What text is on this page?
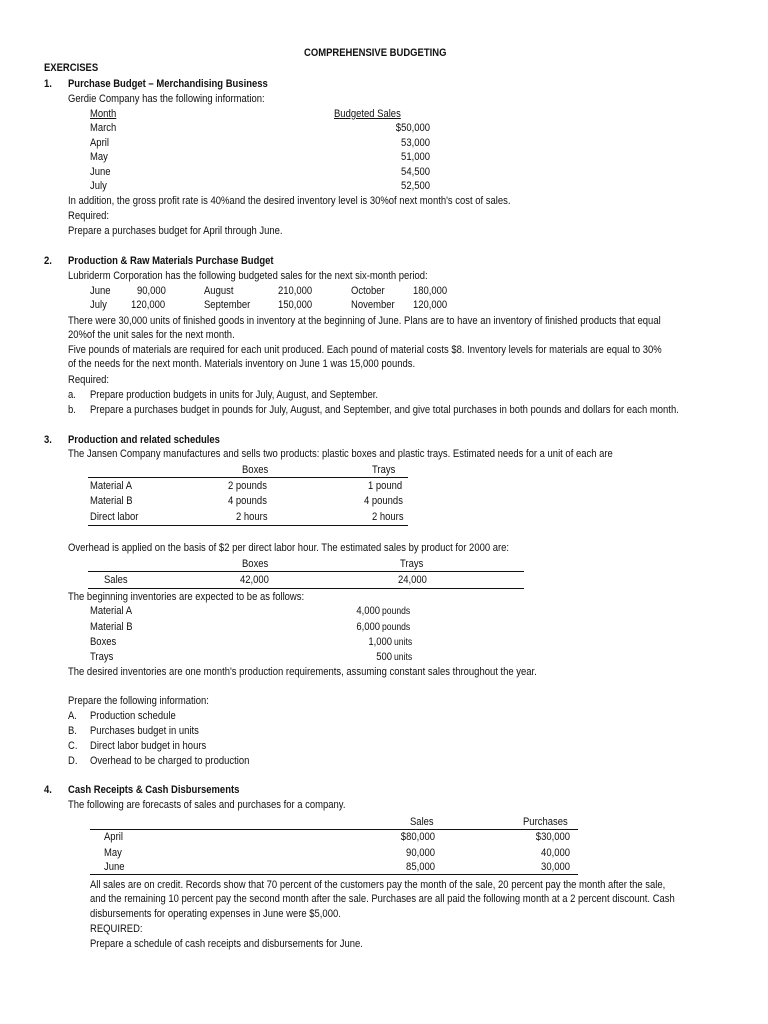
COMPREHENSIVE BUDGETING
EXERCISES
1. Purchase Budget – Merchandising Business
Gerdie Company has the following information:
Month	Budgeted Sales
March	$50,000
April	53,000
May	51,000
June	54,500
July	52,500
In addition, the gross profit rate is 40%and the desired inventory level is 30%of next month's cost of sales.
Required:
Prepare a purchases budget for April through June.
2. Production & Raw Materials Purchase Budget
Lubriderm Corporation has the following budgeted sales for the next six-month period:
June 90,000	August	210,000	October	180,000
July 120,000	September	150,000	November 120,000
There were 30,000 units of finished goods in inventory at the beginning of June. Plans are to have an inventory of finished products that equal
20%of the unit sales for the next month.
Five pounds of materials are required for each unit produced. Each pound of material costs $8. Inventory levels for materials are equal to 30%
of the needs for the next month. Materials inventory on June 1 was 15,000 pounds.
Required:
a. Prepare production budgets in units for July, August, and September.
b. Prepare a purchases budget in pounds for July, August, and September, and give total purchases in both pounds and dollars for each month.
3. Production and related schedules
The Jansen Company manufactures and sells two products: plastic boxes and plastic trays. Estimated needs for a unit of each are
Boxes	Trays
Material A	2 pounds	1 pound
Material B	4 pounds	4 pounds
Direct labor	2 hours	2 hours
Overhead is applied on the basis of $2 per direct labor hour. The estimated sales by product for 2000 are:
Boxes	Trays
Sales	42,000	24,000
The beginning inventories are expected to be as follows:
Material A	4,000 pounds
Material B	6,000 pounds
Boxes	1,000 units
Trays	500 units
The desired inventories are one month's production requirements, assuming constant sales throughout the year.
Prepare the following information:
A. Production schedule
B. Purchases budget in units
C. Direct labor budget in hours
D. Overhead to be charged to production
4. Cash Receipts & Cash Disbursements
The following are forecasts of sales and purchases for a company.
Sales	Purchases
April	$80,000	$30,000
May	90,000	40,000
June	85,000	30,000
All sales are on credit. Records show that 70 percent of the customers pay the month of the sale, 20 percent pay the month after the sale,
and the remaining 10 percent pay the second month after the sale. Purchases are all paid the following month at a 2 percent discount. Cash
disbursements for operating expenses in June were $5,000.
REQUIRED:
Prepare a schedule of cash receipts and disbursements for June.
